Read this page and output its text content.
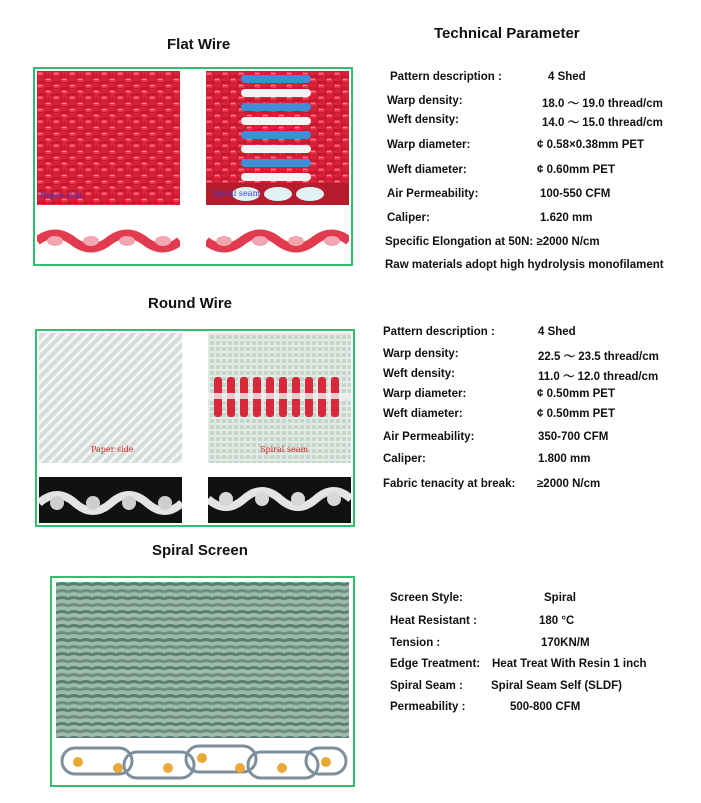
Flat Wire
Paper side	Spiral seam
Technical Parameter
Pattern description :	4 Shed
Warp density:	18.0 ～ 19.0 thread/cm
Weft density:	14.0 ～ 15.0 thread/cm
Warp diameter:	¢ 0.58×0.38mm PET
Weft diameter:	¢ 0.60mm PET
Air Permeability:	100-550 CFM
Caliper:	1.620 mm
Specific Elongation at 50N: ≥2000 N/cm
Raw materials adopt high hydrolysis monofilament
Round Wire
Paper side	Spiral seam
Pattern description :	4 Shed
Warp density:	22.5 ～ 23.5 thread/cm
Weft density:	11.0 ～ 12.0 thread/cm
Warp diameter:	¢ 0.50mm PET
Weft diameter:	¢ 0.50mm PET
Air Permeability:	350-700 CFM
Caliper:	1.800 mm
Fabric tenacity at break: ≥2000 N/cm
Spiral Screen
Screen Style:	Spiral
Heat Resistant :	180 °C
Tension :	170KN/M
Edge Treatment: Heat Treat With Resin 1 inch
Spiral Seam : Spiral Seam Self (SLDF)
Permeability :	500-800 CFM
